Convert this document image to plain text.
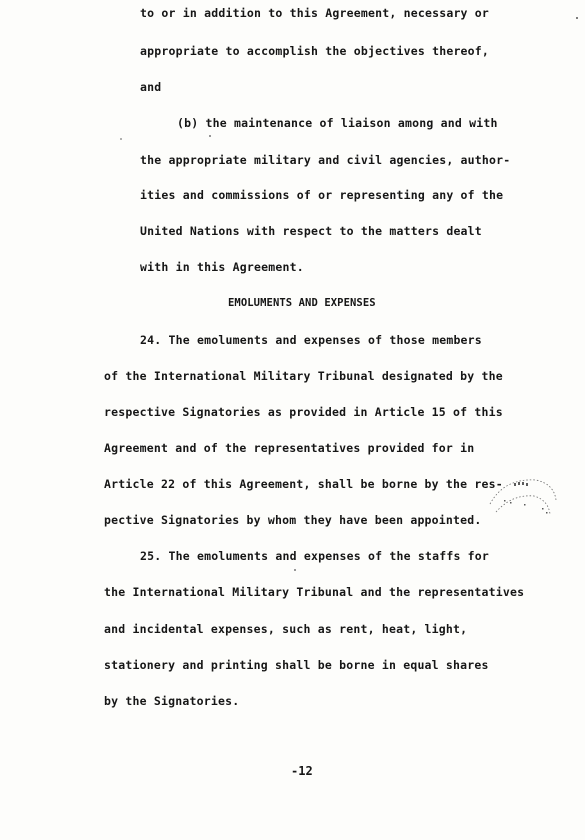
to or in addition to this Agreement, necessary or
appropriate to accomplish the objectives thereof,
and
(b) the maintenance of liaison among and with
the appropriate military and civil agencies, author-
ities and commissions of or representing any of the
United Nations with respect to the matters dealt
with in this Agreement.
EMOLUMENTS AND EXPENSES
24. The emoluments and expenses of those members
of the International Military Tribunal designated by the
respective Signatories as provided in Article 15 of this
Agreement and of the representatives provided for in
Article 22 of this Agreement, shall be borne by the res-
pective Signatories by whom they have been appointed.
25. The emoluments and expenses of the staffs for
the International Military Tribunal and the representatives
and incidental expenses, such as rent, heat, light,
stationery and printing shall be borne in equal shares
by the Signatories.
-12
